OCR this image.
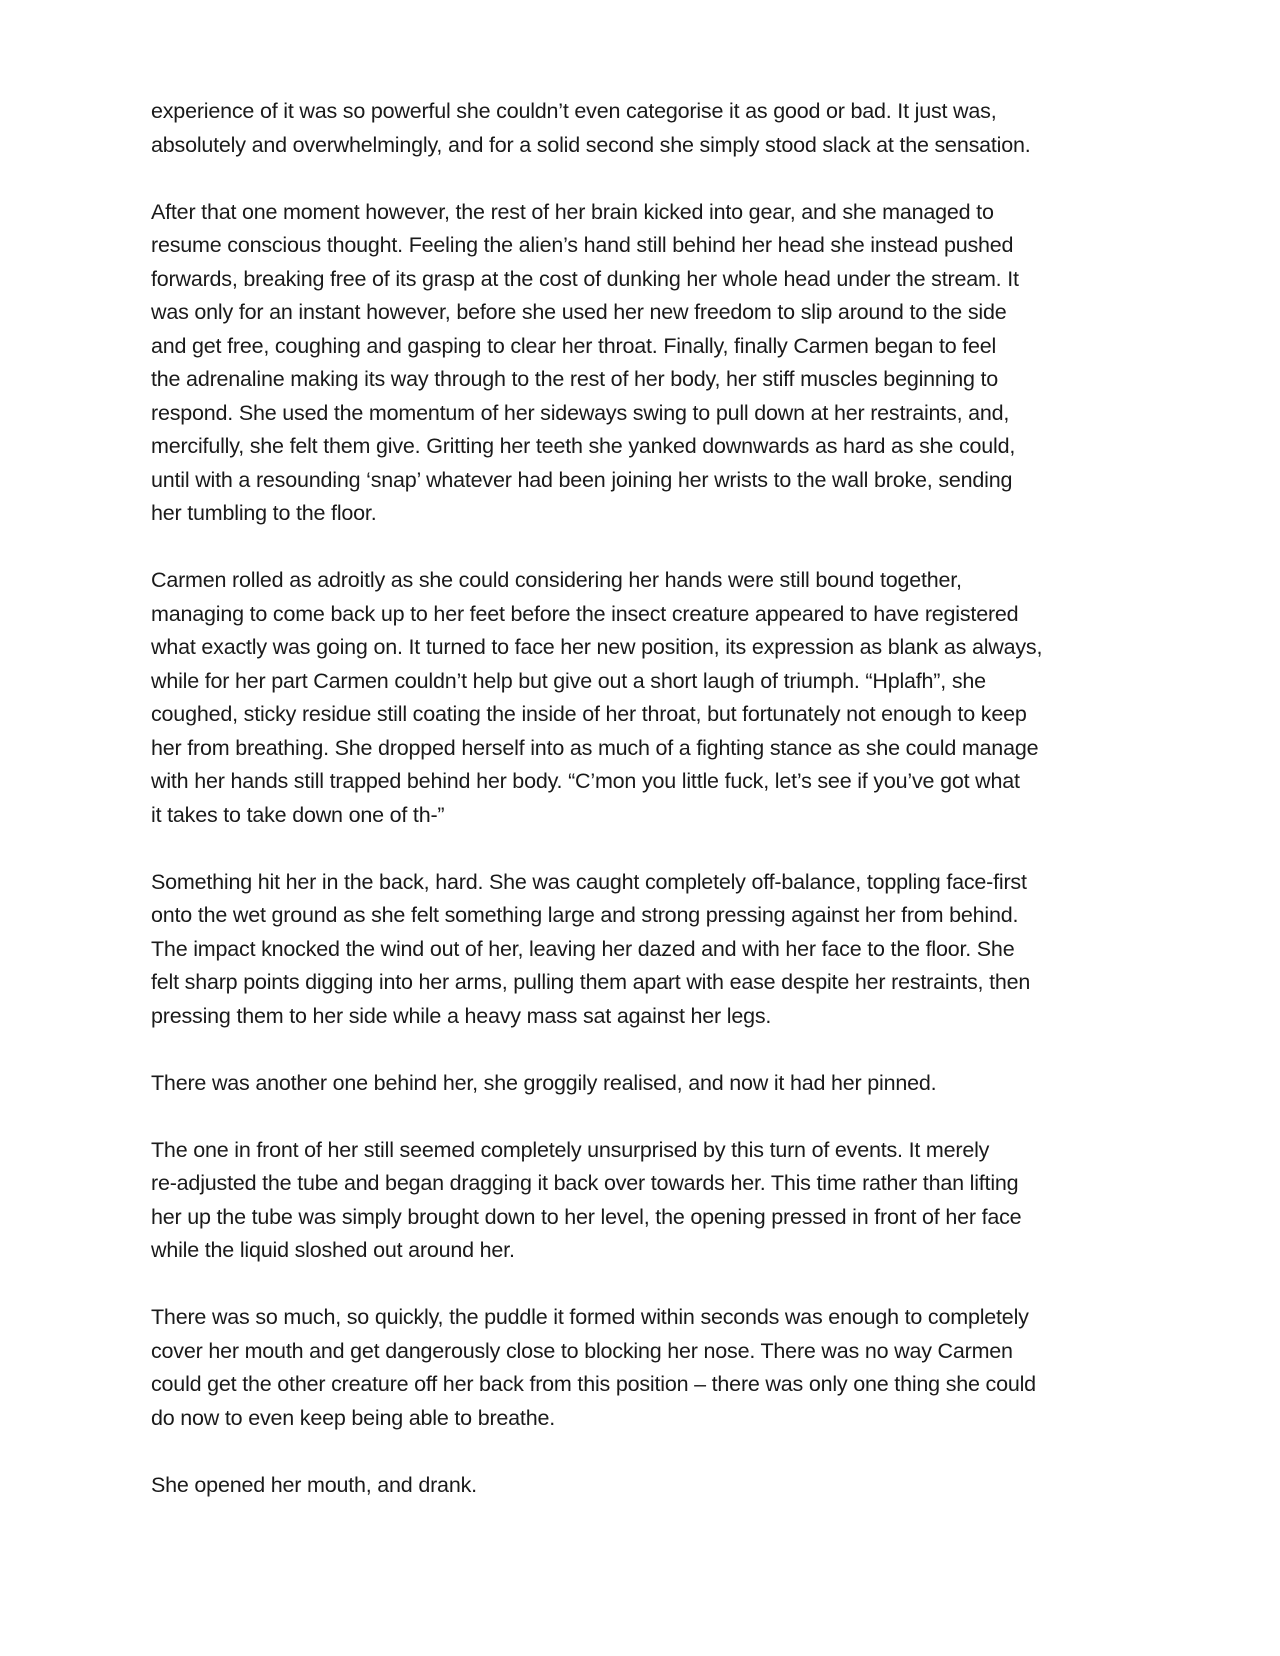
experience of it was so powerful she couldn’t even categorise it as good or bad. It just was,
absolutely and overwhelmingly, and for a solid second she simply stood slack at the sensation.

After that one moment however, the rest of her brain kicked into gear, and she managed to
resume conscious thought. Feeling the alien’s hand still behind her head she instead pushed
forwards, breaking free of its grasp at the cost of dunking her whole head under the stream. It
was only for an instant however, before she used her new freedom to slip around to the side
and get free, coughing and gasping to clear her throat. Finally, finally Carmen began to feel
the adrenaline making its way through to the rest of her body, her stiff muscles beginning to
respond. She used the momentum of her sideways swing to pull down at her restraints, and,
mercifully, she felt them give. Gritting her teeth she yanked downwards as hard as she could,
until with a resounding ‘snap’ whatever had been joining her wrists to the wall broke, sending
her tumbling to the floor.

Carmen rolled as adroitly as she could considering her hands were still bound together,
managing to come back up to her feet before the insect creature appeared to have registered
what exactly was going on. It turned to face her new position, its expression as blank as always,
while for her part Carmen couldn’t help but give out a short laugh of triumph. “Hplafh”, she
coughed, sticky residue still coating the inside of her throat, but fortunately not enough to keep
her from breathing. She dropped herself into as much of a fighting stance as she could manage
with her hands still trapped behind her body. “C’mon you little fuck, let’s see if you’ve got what
it takes to take down one of th-”

Something hit her in the back, hard. She was caught completely off-balance, toppling face-first
onto the wet ground as she felt something large and strong pressing against her from behind.
The impact knocked the wind out of her, leaving her dazed and with her face to the floor. She
felt sharp points digging into her arms, pulling them apart with ease despite her restraints, then
pressing them to her side while a heavy mass sat against her legs.

There was another one behind her, she groggily realised, and now it had her pinned.

The one in front of her still seemed completely unsurprised by this turn of events. It merely
re-adjusted the tube and began dragging it back over towards her. This time rather than lifting
her up the tube was simply brought down to her level, the opening pressed in front of her face
while the liquid sloshed out around her.

There was so much, so quickly, the puddle it formed within seconds was enough to completely
cover her mouth and get dangerously close to blocking her nose. There was no way Carmen
could get the other creature off her back from this position – there was only one thing she could
do now to even keep being able to breathe.

She opened her mouth, and drank.
